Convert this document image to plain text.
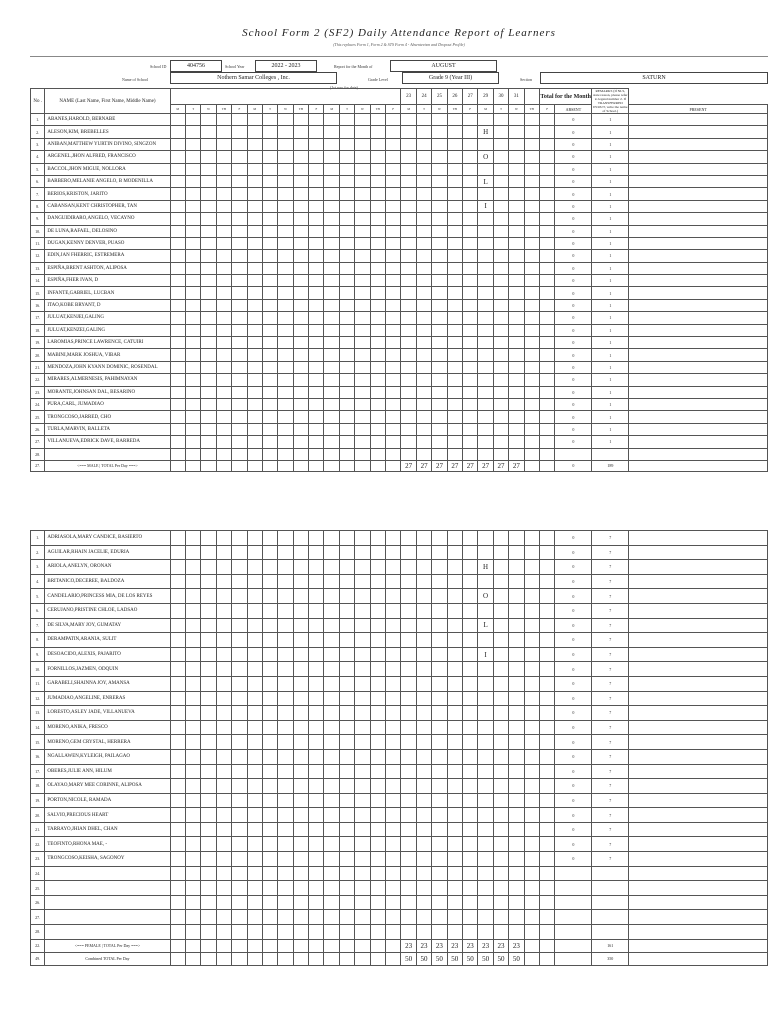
School Form 2 (SF2) Daily Attendance Report of Learners
(This replaces Form 1, Form 2 & STS Form 4 - Absenteeism and Dropout Profile)
School ID	404756	School Year	2022 - 2023	Report for the Month of	AUGUST
Name of School	Nothern Samar Colleges , Inc.	Grade Level	Grade 9 (Year III)	Section	SATURN
(1st row for date)
No .	NAME (Last Name, First Name, Middle Name)																23	24	25	26	27	29	30	31		Total for the Month		REMARKS (If NLS, state reason, please refer to legend number 2. If TRANSFERRED IN/OUT, write the name of School.)	
		M	T	W	TH	F	M	T	W	TH	F	M	T	W	TH	F	M	T	W	TH	F	M	T	W	TH	F	ABSENT		PRESENT
1.	ABANES,HAROLD, BERNABE																										0	1	
2.	ALESON,KIM, BREBELLES																					H					0	1	
3.	ANIBAN,MATTHEW YURTIN DIVINO, SINGZON																										0	1	
4.	ARGENEL,JHON ALFRED, FRANCISCO																					O					0	1	
5.	BACCOL,JHON MIGUE, NOLLORA																										0	1	
6.	BARBERO,MELANIE ANGELO, B MODENILLA																					L					0	1	
7.	BERIOS,KRISTON, JARITO																										0	1	
8.	CABANSAN,KENT CHRISTOPHER, TAN																					I					0	1	
9.	DANGUIDIRARO,ANGELO, VECAYNO																										0	1	
10.	DE LUNA,RAFAEL, DELOSINO																										0	1	
11.	DUGAN,KENNY DENVER, PUASO																										0	1	
12.	EDIN,JAN FHERRIC, ESTREMERA																										0	1	
13.	ESPIÑA,BRENT ASHTON, ALIPOSA																										0	1	
14.	ESPIÑA,FHER IVAN, D																										0	1	
15.	INFANTE,GABRIEL, LUCBAN																										0	1	
16.	ITAO,KOBE BRYANT, D																										0	1	
17.	JULUAT,KENJEI,GALING																										0	1	
18.	JULUAT,KENZEI,GALING																										0	1	
19.	LAROMIAS,PRINCE LAWRENCE, CATUIRI																										0	1	
20.	MABINI,MARK JOSHUA, VIBAR																										0	1	
21.	MENDOZA,JOHN KYANN DOMINIC, ROSENDAL																										0	1	
22.	MIRARES,ALMERNESIS, PAHIMNAYAN																										0	1	
23.	MORANTE,JOHNSAN DAL, BESARINO																										0	1	
24.	PURA,CARL, JUMADIAO																										0	1	
25.	TRONGCOSO,JARRED, CHO																										0	1	
26.	TURLA,MARVIN, BALLETA																										0	1	
27.	VILLANUEVA,EDRICK DAVE, BARREDA																										0	1	
28.																													
27.	<=== MALE | TOTAL Per Day ===>																27	27	27	27	27	27	27	27			0	189	
1.	ADRIASOLA,MARY CANDICE, BASIERTO																										0	7	
2.	AGUILAR,RHAIN JACELIE, EDURIA																										0	7	
3.	ARIOLA,ANELYN, ORONAN																					H					0	7	
4.	BRITANICO,DECEREE, BALDOZA																										0	7	
5.	CANDELARIO,PRINCESS MIA, DE LOS REYES																					O					0	7	
6.	CERUJANO,PRISTINE CHLOE, LADSAO																										0	7	
7.	DE SILVA,MARY JOY, GUMATAY																					L					0	7	
8.	DERAMPATIN,ARANIA, SULIT																										0	7	
9.	DESOACIDO,ALEXIS, PAJARITO																					I					0	7	
10.	FORNILLOS,JAZMEN, ODQUIN																										0	7	
11.	GARABELI,SHAINNA JOY, AMANSA																										0	7	
12.	JUMADIAO,ANGELINE, ENRERAS																										0	7	
13.	LORESTO,ASLEY JADE, VILLANUEVA																										0	7	
14.	MORENO,ANIKA, FRESCO																										0	7	
15.	MORENO,GEM CRYSTAL, HERRERA																										0	7	
16.	NGALLAWEN,KYLEIGH, PAILAGAO																										0	7	
17.	OBERES,JULIE ANN, HILUM																										0	7	
18.	OLAYAO,MARY MEE CORINNE, ALIPOSA																										0	7	
19.	PORTON,NICOLE, RAMADA																										0	7	
20.	SALVIO,PRECIOUS HEART																										0	7	
21.	TARRAYO,JHIAN DHEL, CHAN																										0	7	
22.	TEOFINTO,RHONA MAE, -																										0	7	
23.	TRONGCOSO,KEISHA, SAGONOY																										0	7	
24.																													
25.																													
26.																													
27.																													
28.																													
22.	<=== FEMALE | TOTAL Per Day ===>																23	23	23	23	23	23	23	23				161	
49.	Combined TOTAL Per Day																50	50	50	50	50	50	50	50				350	
